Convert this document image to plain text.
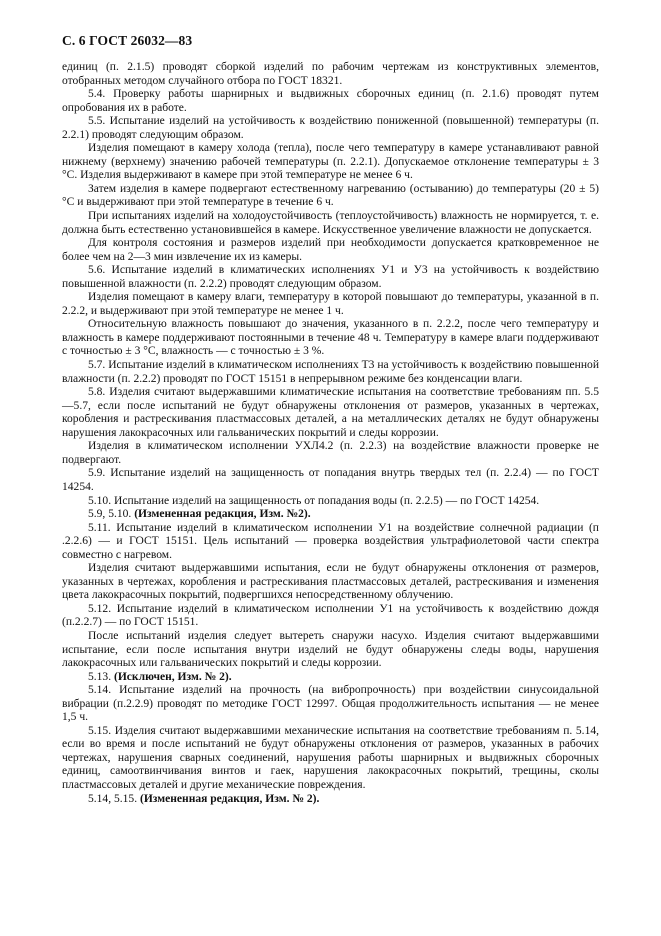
С. 6 ГОСТ 26032—83

единиц (п. 2.1.5) проводят сборкой изделий по рабочим чертежам из конструктивных элементов, отобранных методом случайного отбора по ГОСТ 18321.

5.4. Проверку работы шарнирных и выдвижных сборочных единиц (п. 2.1.6) проводят путем опробования их в работе.

5.5. Испытание изделий на устойчивость к воздействию пониженной (повышенной) температуры (п. 2.2.1) проводят следующим образом.

Изделия помещают в камеру холода (тепла), после чего температуру в камере устанавливают равной нижнему (верхнему) значению рабочей температуры (п. 2.2.1). Допускаемое отклонение температуры ± 3 °С. Изделия выдерживают в камере при этой температуре не менее 6 ч.

Затем изделия в камере подвергают естественному нагреванию (остыванию) до температуры (20 ± 5) °С и выдерживают при этой температуре в течение 6 ч.

При испытаниях изделий на холодоустойчивость (теплоустойчивость) влажность не нормируется, т. е. должна быть естественно установившейся в камере. Искусственное увеличение влажности не допускается.

Для контроля состояния и размеров изделий при необходимости допускается кратковременное не более чем на 2—3 мин извлечение их из камеры.

5.6. Испытание изделий в климатических исполнениях У1 и У3 на устойчивость к воздействию повышенной влажности (п. 2.2.2) проводят следующим образом.

Изделия помещают в камеру влаги, температуру в которой повышают до температуры, указанной в п. 2.2.2, и выдерживают при этой температуре не менее 1 ч.

Относительную влажность повышают до значения, указанного в п. 2.2.2, после чего температуру и влажность в камере поддерживают постоянными в течение 48 ч. Температуру в камере влаги поддерживают с точностью ± 3 °С, влажность — с точностью ± 3 %.

5.7. Испытание изделий в климатическом исполнениях Т3 на устойчивость к воздействию повышенной влажности (п. 2.2.2) проводят по ГОСТ 15151 в непрерывном режиме без конденсации влаги.

5.8. Изделия считают выдержавшими климатические испытания на соответствие требованиям пп. 5.5—5.7, если после испытаний не будут обнаружены отклонения от размеров, указанных в чертежах, коробления и растрескивания пластмассовых деталей, а на металлических деталях не будут обнаружены нарушения лакокрасочных или гальванических покрытий и следы коррозии.

Изделия в климатическом исполнении УХЛ4.2 (п. 2.2.3) на воздействие влажности проверке не подвергают.

5.9. Испытание изделий на защищенность от попадания внутрь твердых тел (п. 2.2.4) — по ГОСТ 14254.

5.10. Испытание изделий на защищенность от попадания воды (п. 2.2.5) — по ГОСТ 14254.

5.9, 5.10. (Измененная редакция, Изм. №2).

5.11. Испытание изделий в климатическом исполнении У1 на воздействие солнечной радиации (п .2.2.6) — и ГОСТ 15151. Цель испытаний — проверка воздействия ультрафиолетовой части спектра совместно с нагревом.

Изделия считают выдержавшими испытания, если не будут обнаружены отклонения от размеров, указанных в чертежах, коробления и растрескивания пластмассовых деталей, растрескивания и изменения цвета лакокрасочных покрытий, подвергшихся непосредственному облучению.

5.12. Испытание изделий в климатическом исполнении У1 на устойчивость к воздействию дождя (п.2.2.7) — по ГОСТ 15151.

После испытаний изделия следует вытереть снаружи насухо. Изделия считают выдержавшими испытание, если после испытания внутри изделий не будут обнаружены следы воды, нарушения лакокрасочных или гальванических покрытий и следы коррозии.

5.13. (Исключен, Изм. № 2).

5.14. Испытание изделий на прочность (на вибропрочность) при воздействии синусоидальной вибрации (п.2.2.9) проводят по методике ГОСТ 12997. Общая продолжительность испытания — не менее 1,5 ч.

5.15. Изделия считают выдержавшими механические испытания на соответствие требованиям п. 5.14, если во время и после испытаний не будут обнаружены отклонения от размеров, указанных в рабочих чертежах, нарушения сварных соединений, нарушения работы шарнирных и выдвижных сборочных единиц, самоотвинчивания винтов и гаек, нарушения лакокрасочных покрытий, трещины, сколы пластмассовых деталей и другие механические повреждения.

5.14, 5.15. (Измененная редакция, Изм. № 2).
